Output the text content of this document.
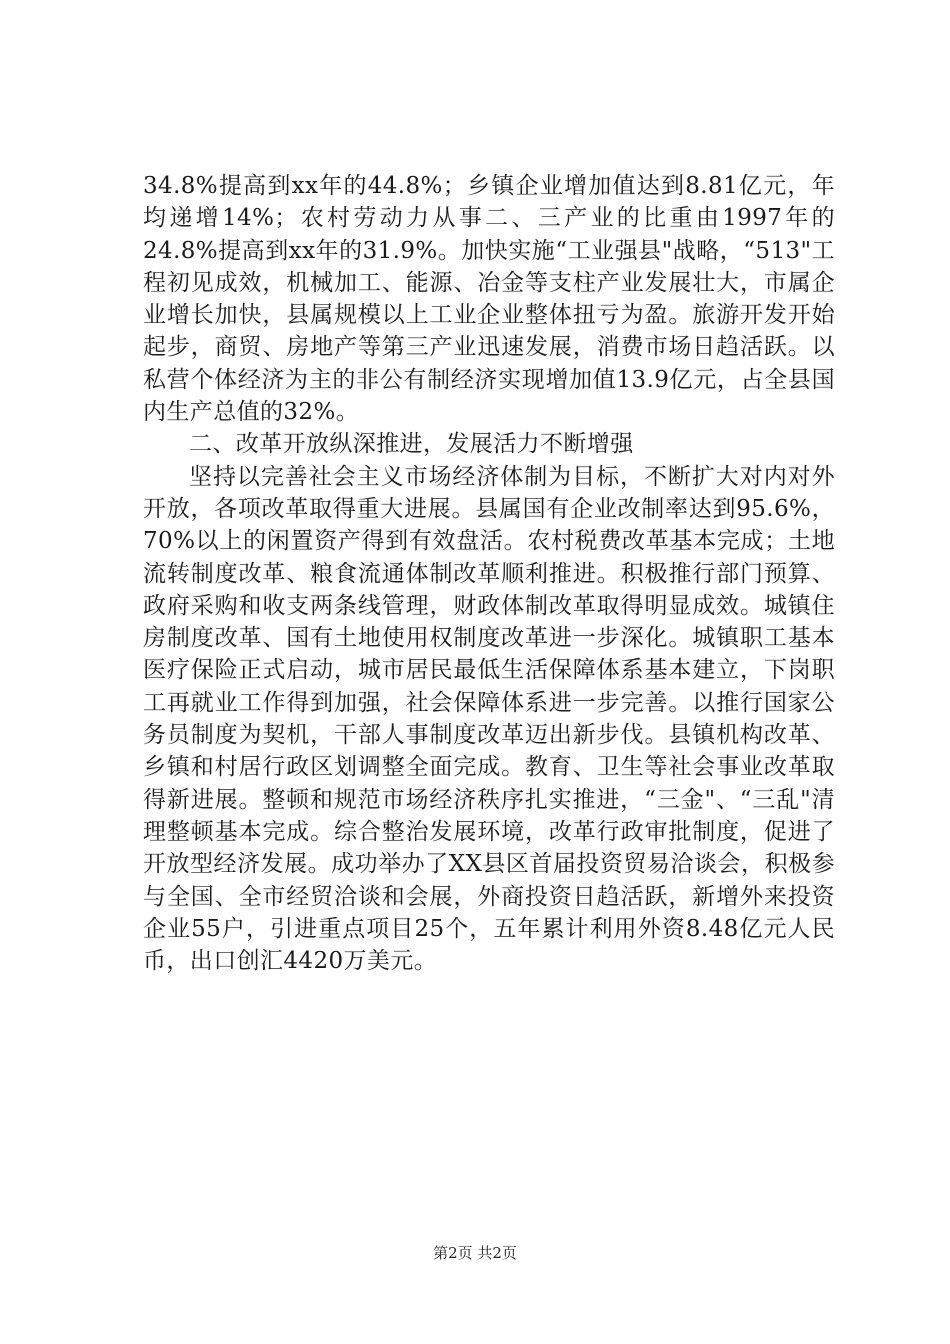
34.8%提高到xx年的44.8%；乡镇企业增加值达到8.81亿元，年均递增14%；农村劳动力从事二、三产业的比重由1997年的24.8%提高到xx年的31.9%。加快实施“工业强县"战略，“513"工程初见成效，机械加工、能源、冶金等支柱产业发展壮大，市属企业增长加快，县属规模以上工业企业整体扭亏为盈。旅游开发开始起步，商贸、房地产等第三产业迅速发展，消费市场日趋活跃。以私营个体经济为主的非公有制经济实现增加值13.9亿元，占全县国内生产总值的32%。

二、改革开放纵深推进，发展活力不断增强

坚持以完善社会主义市场经济体制为目标，不断扩大对内对外开放，各项改革取得重大进展。县属国有企业改制率达到95.6%，70%以上的闲置资产得到有效盘活。农村税费改革基本完成；土地流转制度改革、粮食流通体制改革顺利推进。积极推行部门预算、政府采购和收支两条线管理，财政体制改革取得明显成效。城镇住房制度改革、国有土地使用权制度改革进一步深化。城镇职工基本医疗保险正式启动，城市居民最低生活保障体系基本建立，下岗职工再就业工作得到加强，社会保障体系进一步完善。以推行国家公务员制度为契机，干部人事制度改革迈出新步伐。县镇机构改革、乡镇和村居行政区划调整全面完成。教育、卫生等社会事业改革取得新进展。整顿和规范市场经济秩序扎实推进，“三金"、“三乱"清理整顿基本完成。综合整治发展环境，改革行政审批制度，促进了开放型经济发展。成功举办了XX县区首届投资贸易洽谈会，积极参与全国、全市经贸洽谈和会展，外商投资日趋活跃，新增外来投资企业55户，引进重点项目25个，五年累计利用外资8.48亿元人民币，出口创汇4420万美元。

第2页 共2页
